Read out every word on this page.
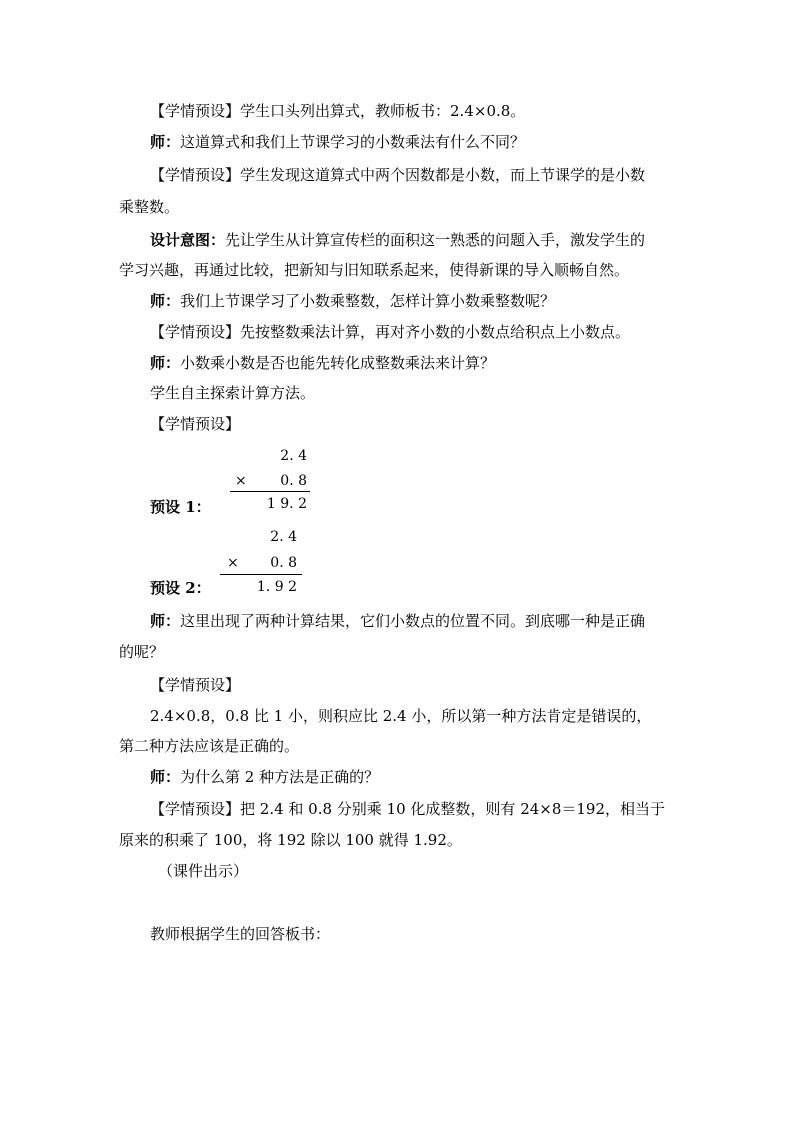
【学情预设】学生口头列出算式，教师板书：2.4×0.8。
师：这道算式和我们上节课学习的小数乘法有什么不同？
【学情预设】学生发现这道算式中两个因数都是小数，而上节课学的是小数
乘整数。
设计意图：先让学生从计算宣传栏的面积这一熟悉的问题入手，激发学生的
学习兴趣，再通过比较，把新知与旧知联系起来，使得新课的导入顺畅自然。
师：我们上节课学习了小数乘整数，怎样计算小数乘整数呢？
【学情预设】先按整数乘法计算，再对齐小数的小数点给积点上小数点。
师：小数乘小数是否也能先转化成整数乘法来计算？
学生自主探索计算方法。
【学情预设】
2. 4
×	0. 8
1 9. 2
预设 1：
2. 4
×	0. 8
1. 9 2
预设 2：
师：这里出现了两种计算结果，它们小数点的位置不同。到底哪一种是正确
的呢？
【学情预设】
2.4×0.8，0.8 比 1 小，则积应比 2.4 小，所以第一种方法肯定是错误的，
第二种方法应该是正确的。
师：为什么第 2 种方法是正确的？
【学情预设】把 2.4 和 0.8 分别乘 10 化成整数，则有 24×8＝192，相当于
原来的积乘了 100，将 192 除以 100 就得 1.92。
（课件出示）
教师根据学生的回答板书：
